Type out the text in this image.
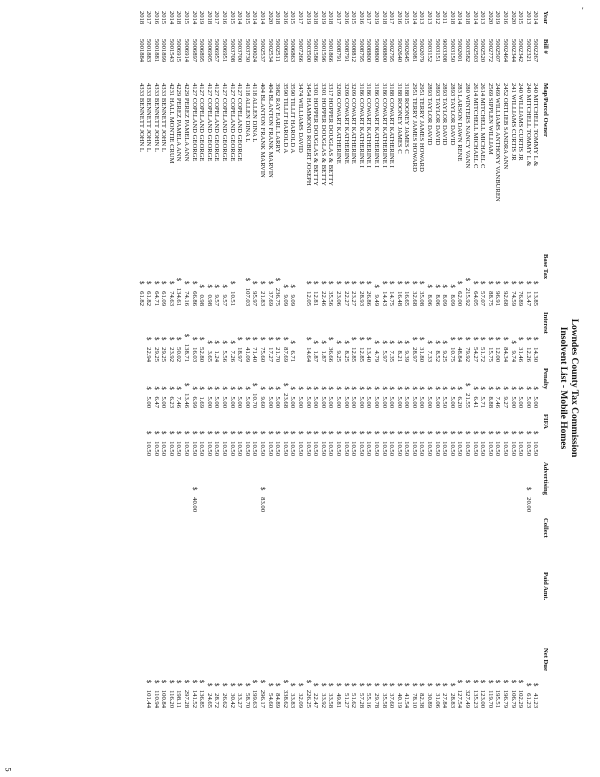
'
Lowndes County Tax Commission
Insolvent List - Mobile Homes
Year	Bill #	Map/Parcel Owner	Base Tax	Interest	Penalty	FIFA	Advertising	Collect	Paid Amt.	Net Due
2014	5002267	240 MITCHELL TOMMY L &	$13.85	$14.30	$5.00	$10.50				$41.23
2013	5002321	240 MITCHELL TOMMY L &	$13.47	$12.26	$5.00	$10.50	$20.00			$61.23
2015	5002342	240 WILLIAMS CURTIS JR	$76.89	$31.46	$5.00	$10.50				$102.29
2020	5002344	241 WILLIAMS CURTIS JR	$74.59	$9.74	$5.00	$10.50				$106.79
2016	5002464	2452 ORTLIEB SANDRA ANN	$92.68	$84.34	$9.27	$10.50				$196.79
2019	5002507	2469 WILLIAMS ANTHONY VANBUREN	$96.91	$12.00	$7.46	$10.50				$195.51
2020	5002772	2569 SIPPLEN WILLIAM	$88.75	$15.75	$8.88	$10.50				$119.70
2013	5002520	2614 MITCHELL MICHAEL C	$57.07	$51.72	$5.71	$10.50				$123.00
2014	5002503	2614 MITCHELL MICHAEL C	$64.05	$54.27	$6.41	$10.50				$135.23
2018	5003582	280 WINTERS NANCY VANN	$215.92	$79.92	$21.55	$10.50				$327.49
2014	5002001	283 LARSON DAWN RENE	$62.00	$48.84	$6.20	$10.50				$127.54
2018	5003150	2893 TAYLOR DAVID	$8.09	$10.75	$5.00	$10.50				$28.83
2011	9003308	2893 TAYLOR DAVID	$8.09	$9.25	$5.50	$10.50				$27.84
2012	5003151	2893 TAYLOR DAVID	$8.06	$8.52	$5.00	$10.50				$31.06
2013	5003152	2893 TAYLOR DAVID	$8.06	$7.33	$5.00	$10.50				$30.89
2013	5002079	2951 TERRY JAMES HOWARD	$35.08	$31.80	$5.00	$10.50				$82.38
2014	5002081	2951 TERRY JAMES HOWARD	$32.68	$28.97	$5.00	$10.50				$78.10
2015	5002645	3188 ROONEY JAMES C	$16.65	$9.39	$5.00	$10.50				$41.54
2016	5002640	3188 ROONEY JAMES C	$16.48	$8.21	$5.00	$10.50				$40.19
2017	5002795	3188 COWART KATHERINE I	$14.75	$7.35	$5.00	$10.50				$37.60
2018	5008800	3186 COWART KATHERINE I	$14.43	$5.97	$5.00	$10.50				$35.58
2019	5008800	3186 COWART KATHERINE I	$9.49	$4.79	$5.00	$10.50				$29.78
2017	5008800	3186 COWART KATHERINE I	$26.86	$13.40	$5.00	$10.50				$55.16
2016	5008795	3186 COWART KATHERINE I	$28.93	$12.85	$5.00	$10.50				$57.28
2015	5008812	3209 COWART KATHERINE	$23.27	$12.85	$5.00	$10.50				$51.62
2016	5008791	3209 COWART KATHERINE	$22.27	$8.25	$5.00	$10.50				$51.27
2017	5008791	3209 COWART KATHERINE	$23.06	$9.25	$5.00	$10.50				$49.81
2018	5001866	3317 HOPPER DOUGLAS & BETTY	$35.56	$36.66	$5.00	$10.50				$33.58
2019	5001596	3301 HOPPER DOUGLAS & BETTY	$22.46	$1.87	$5.00	$10.50				$33.92
2018	5001586	3301 HOPPER DOUGLAS & BETTY	$12.81	$1.87	$5.00	$10.50				$22.47
2019	5003500	3454 HAMMOND ROBERT JOSEPH	$12.05	$14.64	$5.00	$10.50				$226.25
2017	5007266	3474 WILLIAMS DAVID			$5.00	$10.50				$32.09
2015	5006863	3590 TILLIT HAROLD A	$9.09	$6.71	$5.00	$10.50				$33.83
2016	5006863	3590 TILLIT HAROLD A	$9.09	$87.69	$23.68	$10.50				$338.62
2018	5002511	3982 RAY EARL LARRY	$236.75	$21.70	$5.00	$10.50				$84.89
2020	5002534	404 BLANTON FRANK MARVIN	$37.69	$17.27	$5.00	$10.50				$54.60
2014	5002537	404 BLANTON FRANK MARVIN	$21.83	$75.60	$9.60	$10.50	$83.00			$296.17
2014	5000024	4118 ALLEN DINA L	$95.97	$71.40	$10.70	$10.50				$199.63
2015	5003730	4118 ALLEN DINA L	$107.03	$41.09	$5.00	$10.50				$58.70
2014	5003700	4127 COPELAND GEORGE		$18.97	$5.00	$10.50				$33.27
2015	5003708	4127 COPELAND GEORGE	$10.51	$7.26	$5.00	$10.50				$30.42
2016	5006951	4127 COPELAND GEORGE	$9.57	$5.56	$5.00	$10.50				$26.62
2017	5006957	4127 COPELAND GEORGE	$9.57	$1.24	$5.00	$10.50				$28.72
2018	5006905	4127 COPELAND GEORGE	$0.98	$3.65	$5.00	$10.50				$24.65
2019	5006895	4127 COPELAND GEORGE	$0.98	$52.80	$1.69	$10.50				$136.85
2014	5006897	4127 COPELAND GEORGE	$66.86	$16.03	$6.99	$10.50	$40.00			$141.52
2015	5006914	4229 PEREZ PAMELA ANN	$74.16	$138.71	$13.46	$10.50				$297.28
2018	5006915	4229 PEREZ PAMELA ANN	$134.61	$50.02	$7.46	$10.50				$198.11
2014	5001543	4231 HALL MONTIE CRUM	$74.63	$23.92	$6.23	$10.50				$116.20
2015	5001899	4333 BENNETT JOHN L	$61.09	$29.25	$5.00	$10.50				$100.84
2016	5001881	4333 BENNETT JOHN L	$64.71	$29.25	$6.47	$10.50				$110.94
2017	5001883	4333 BENNETT JOHN L	$61.82	$22.94	$5.00	$10.50				$101.44
2018	5001884	4333 BENNETT JOHN L	$61.82							
5
